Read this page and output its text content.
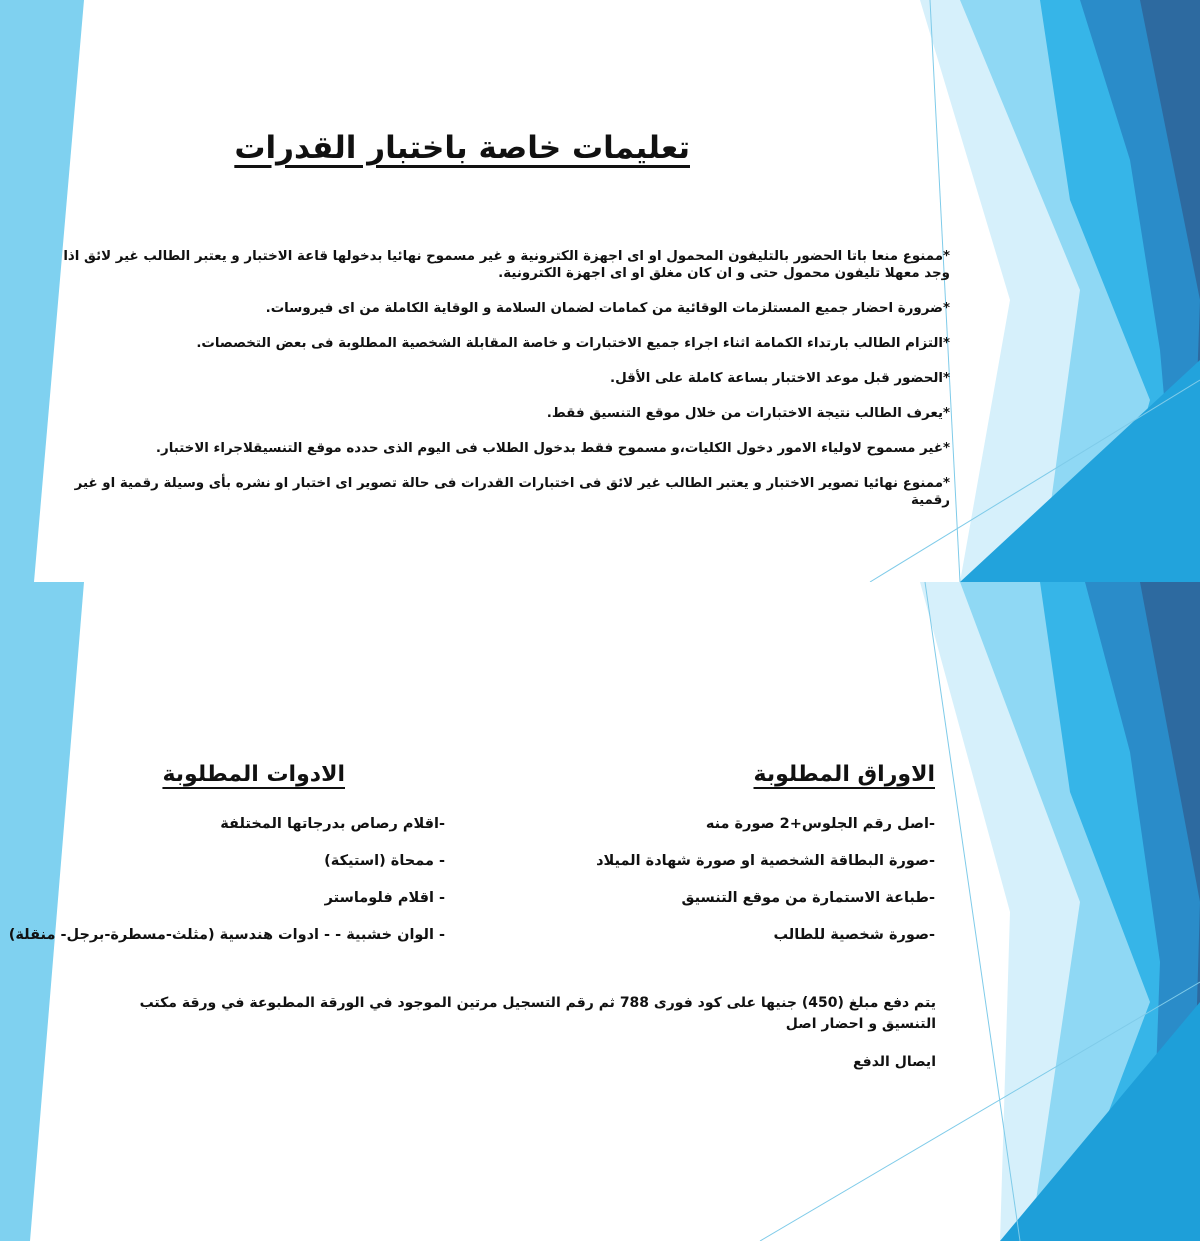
تعليمات خاصة باختبار القدرات
*ممنوع منعا باتا الحضور بالتليفون المحمول او اى اجهزة الكترونية و غير مسموح نهائيا بدخولها قاعة الاختبار و يعتبر الطالب غير لائق اذا وجد معهلا تليفون محمول حتى و ان كان مغلق او اى اجهزة الكترونية.
*ضرورة احضار جميع المستلزمات الوقائية من كمامات لضمان السلامة و الوقاية الكاملة من اى فيروسات.
*التزام الطالب بارتداء الكمامة اثناء اجراء جميع الاختبارات و خاصة المقابلة الشخصية المطلوبة فى بعض التخصصات.
*الحضور قبل موعد الاختبار بساعة كاملة على الأقل.
*يعرف الطالب نتيجة الاختبارات من خلال موقع التنسيق فقط.
*غير مسموح لاولياء الامور دخول الكليات،و مسموح فقط بدخول الطلاب فى اليوم الذى حدده موقع التنسيقلاجراء الاختبار.
*ممنوع نهائيا تصوير الاختبار و يعتبر الطالب غير لائق فى اختبارات القدرات فى حالة تصوير اى اختبار او نشره بأى وسيلة رقمية او غير رقمية
الاوراق المطلوبة
-اصل رقم الجلوس+2 صورة منه
-صورة البطاقة الشخصية او صورة شهادة الميلاد
-طباعة الاستمارة من موقع التنسيق
-صورة شخصية للطالب
الادوات المطلوبة
-اقلام رصاص بدرجاتها المختلفة
- ممحاة (استيكة)
- اقلام فلوماستر
- الوان خشبية - - ادوات هندسية (مثلث-مسطرة-برجل- منقلة)

يتم دفع مبلغ (450) جنيها على كود فورى 788 ثم رقم التسجيل مرتين الموجود في الورقة المطبوعة في ورقة مكتب التنسيق و احضار اصل

ايصال الدفع
